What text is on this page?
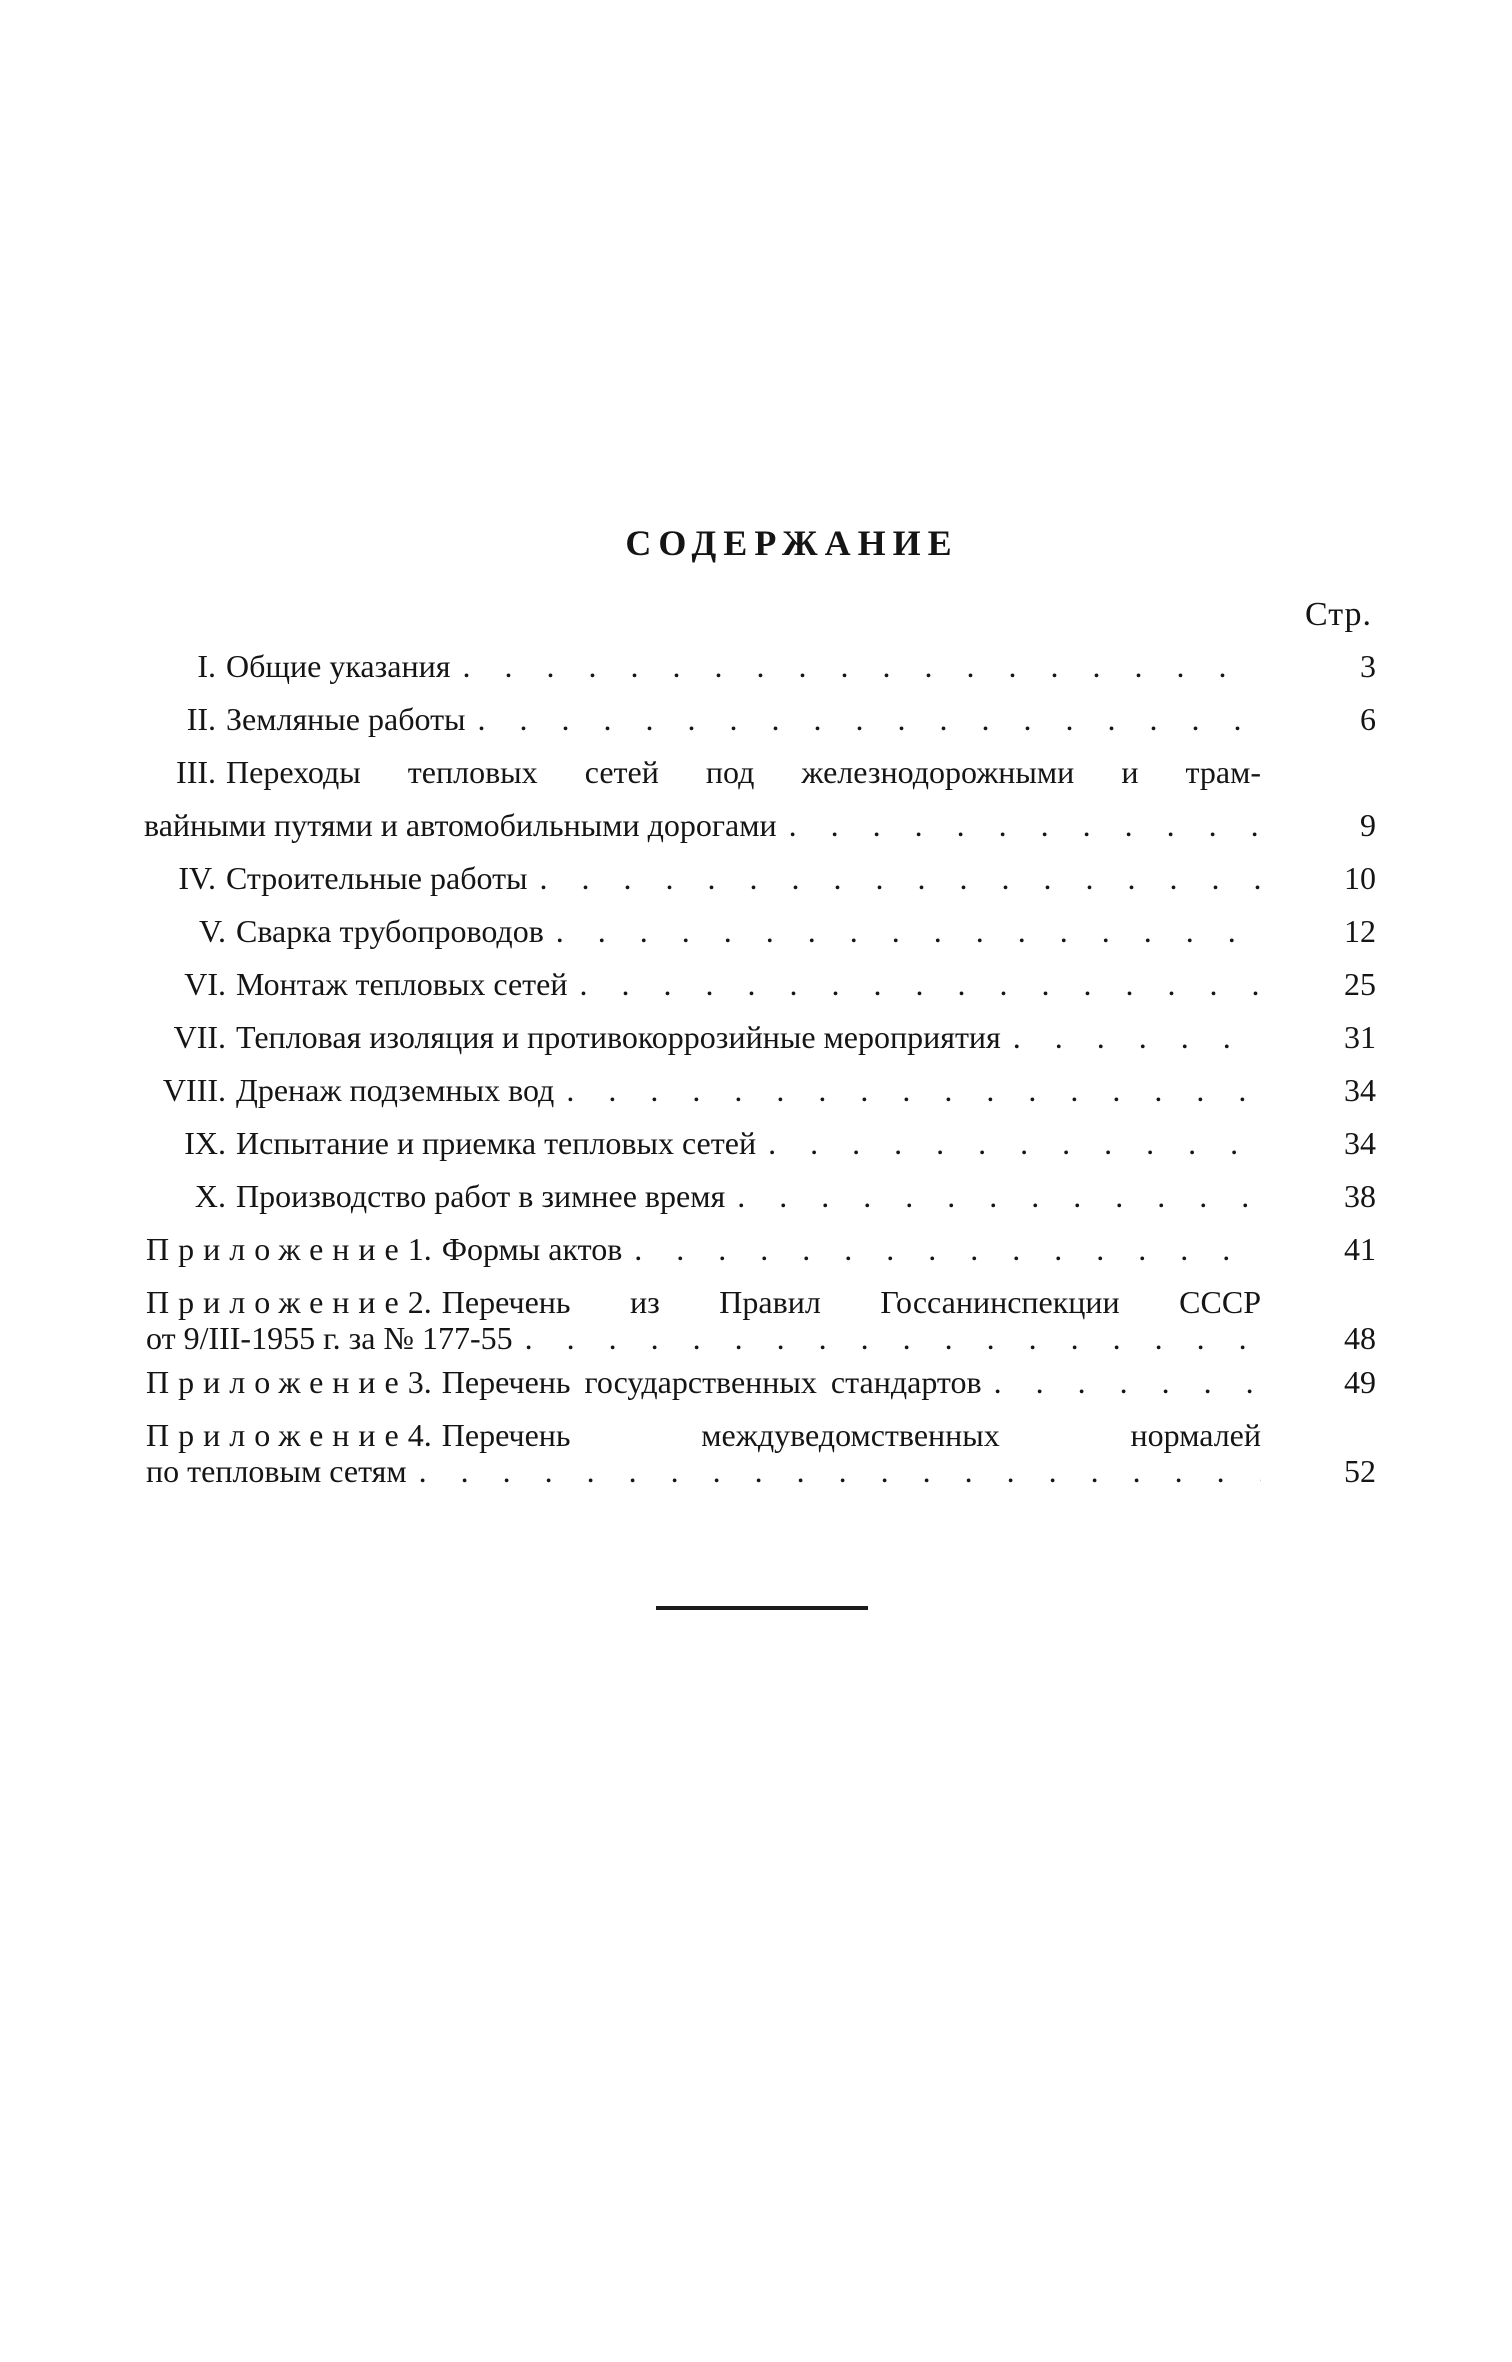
СОДЕРЖАНИЕ
Стр.
I. Общие указания . . .	3
II. Земляные работы . . .	6
III. Переходы тепловых сетей под железнодорожными и трам-
вайными путями и автомобильными дорогами . . .	9
IV. Строительные работы . . .	10
V. Сварка трубопроводов . . .	12
VI. Монтаж тепловых сетей . . .	25
VII. Тепловая изоляция и противокоррозийные мероприятия . . .	31
VIII. Дренаж подземных вод . . .	34
IX. Испытание и приемка тепловых сетей . . .	34
X. Производство работ в зимнее время . . .	38
Приложение 1. Формы актов . . .	41
Приложение 2. Перечень из Правил Госсанинспекции СССР
от 9/III-1955 г. за № 177-55 . . .	48
Приложение 3. Перечень государственных стандартов . . .	49
Приложение 4. Перечень междуведомственных нормалей
по тепловым сетям . . .	52
